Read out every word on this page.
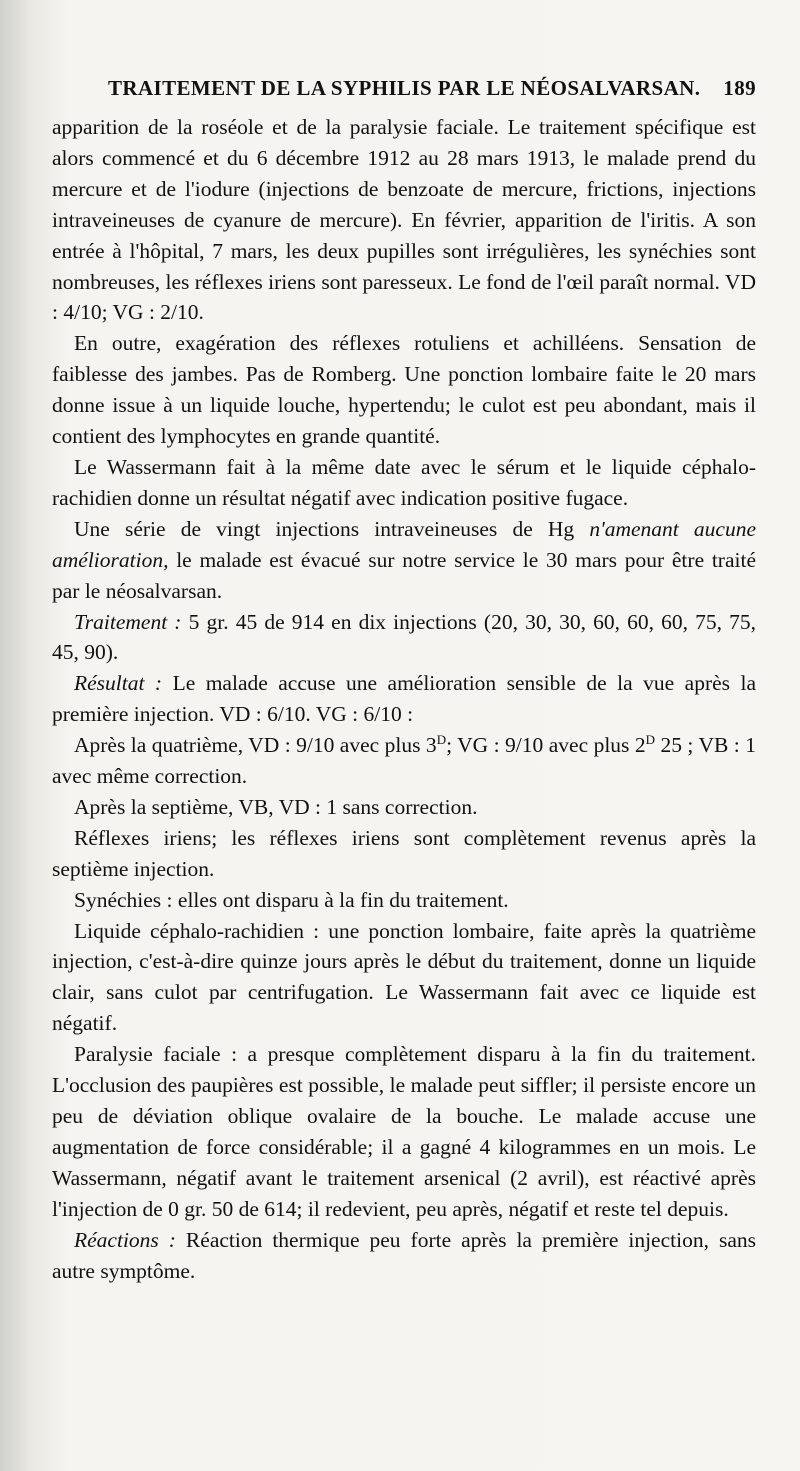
TRAITEMENT DE LA SYPHILIS PAR LE NÉOSALVARSAN. 189

apparition de la roséole et de la paralysie faciale. Le traitement spécifique est alors commencé et du 6 décembre 1912 au 28 mars 1913, le malade prend du mercure et de l'iodure (injections de benzoate de mercure, frictions, injections intraveineuses de cyanure de mercure). En février, apparition de l'iritis. A son entrée à l'hôpital, 7 mars, les deux pupilles sont irrégulières, les synéchies sont nombreuses, les réflexes iriens sont paresseux. Le fond de l'œil paraît normal. VD : 4/10; VG : 2/10.

En outre, exagération des réflexes rotuliens et achilléens. Sensation de faiblesse des jambes. Pas de Romberg. Une ponction lombaire faite le 20 mars donne issue à un liquide louche, hypertendu; le culot est peu abondant, mais il contient des lymphocytes en grande quantité.

Le Wassermann fait à la même date avec le sérum et le liquide céphalo-rachidien donne un résultat négatif avec indication positive fugace.

Une série de vingt injections intraveineuses de Hg n'amenant aucune amélioration, le malade est évacué sur notre service le 30 mars pour être traité par le néosalvarsan.

Traitement : 5 gr. 45 de 914 en dix injections (20, 30, 30, 60, 60, 60, 75, 75, 45, 90).

Résultat : Le malade accuse une amélioration sensible de la vue après la première injection. VD : 6/10. VG : 6/10 :

Après la quatrième, VD : 9/10 avec plus $3^D$; VG : 9/10 avec plus $2^D$ 25 ; VB : 1 avec même correction.

Après la septième, VB, VD : 1 sans correction.

Réflexes iriens; les réflexes iriens sont complètement revenus après la septième injection.

Synéchies : elles ont disparu à la fin du traitement.

Liquide céphalo-rachidien : une ponction lombaire, faite après la quatrième injection, c'est-à-dire quinze jours après le début du traitement, donne un liquide clair, sans culot par centrifugation. Le Wassermann fait avec ce liquide est négatif.

Paralysie faciale : a presque complètement disparu à la fin du traitement. L'occlusion des paupières est possible, le malade peut siffler; il persiste encore un peu de déviation oblique ovalaire de la bouche. Le malade accuse une augmentation de force considérable; il a gagné 4 kilogrammes en un mois. Le Wassermann, négatif avant le traitement arsenical (2 avril), est réactivé après l'injection de 0 gr. 50 de 614; il redevient, peu après, négatif et reste tel depuis.

Réactions : Réaction thermique peu forte après la première injection, sans autre symptôme.
